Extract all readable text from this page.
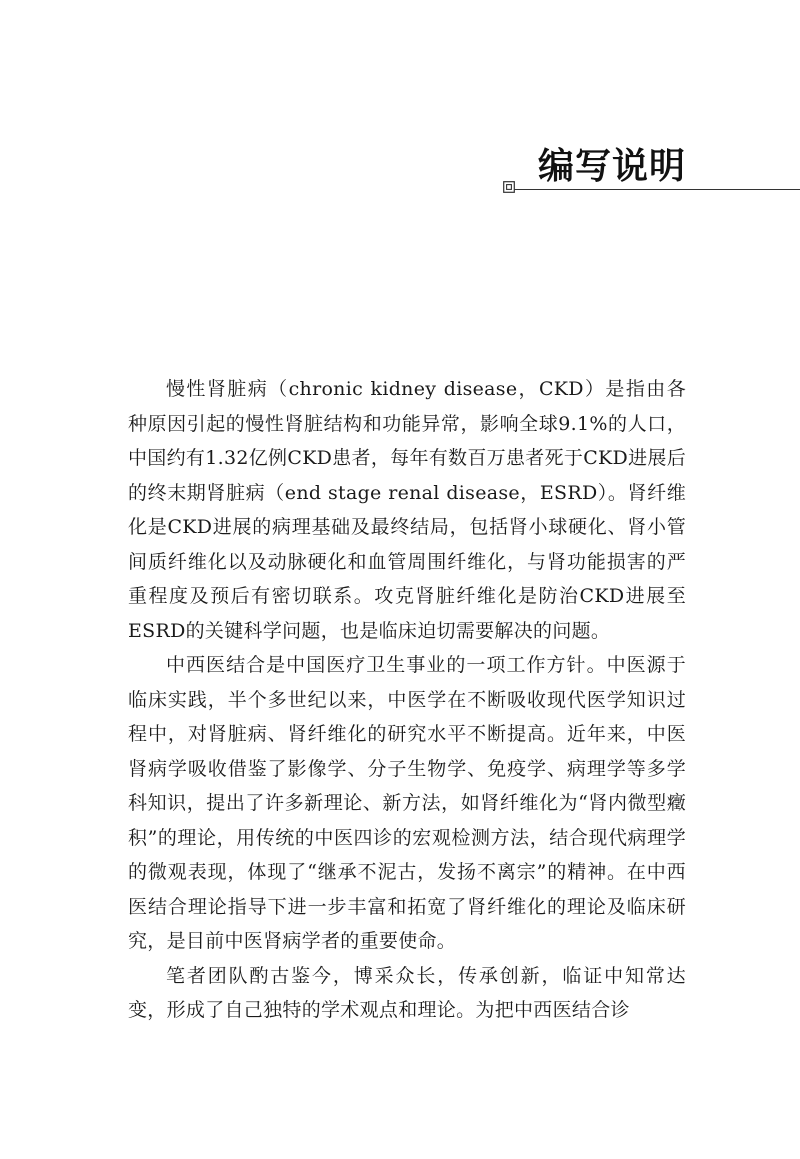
编写说明

慢性肾脏病（chronic kidney disease，CKD）是指由各种原因引起的慢性肾脏结构和功能异常，影响全球9.1%的人口，中国约有1.32亿例CKD患者，每年有数百万患者死于CKD进展后的终末期肾脏病（end stage renal disease，ESRD）。肾纤维化是CKD进展的病理基础及最终结局，包括肾小球硬化、肾小管间质纤维化以及动脉硬化和血管周围纤维化，与肾功能损害的严重程度及预后有密切联系。攻克肾脏纤维化是防治CKD进展至ESRD的关键科学问题，也是临床迫切需要解决的问题。

中西医结合是中国医疗卫生事业的一项工作方针。中医源于临床实践，半个多世纪以来，中医学在不断吸收现代医学知识过程中，对肾脏病、肾纤维化的研究水平不断提高。近年来，中医肾病学吸收借鉴了影像学、分子生物学、免疫学、病理学等多学科知识，提出了许多新理论、新方法，如肾纤维化为“肾内微型癥积”的理论，用传统的中医四诊的宏观检测方法，结合现代病理学的微观表现，体现了“继承不泥古，发扬不离宗”的精神。在中西医结合理论指导下进一步丰富和拓宽了肾纤维化的理论及临床研究，是目前中医肾病学者的重要使命。

笔者团队酌古鉴今，博采众长，传承创新，临证中知常达变，形成了自己独特的学术观点和理论。为把中西医结合诊
